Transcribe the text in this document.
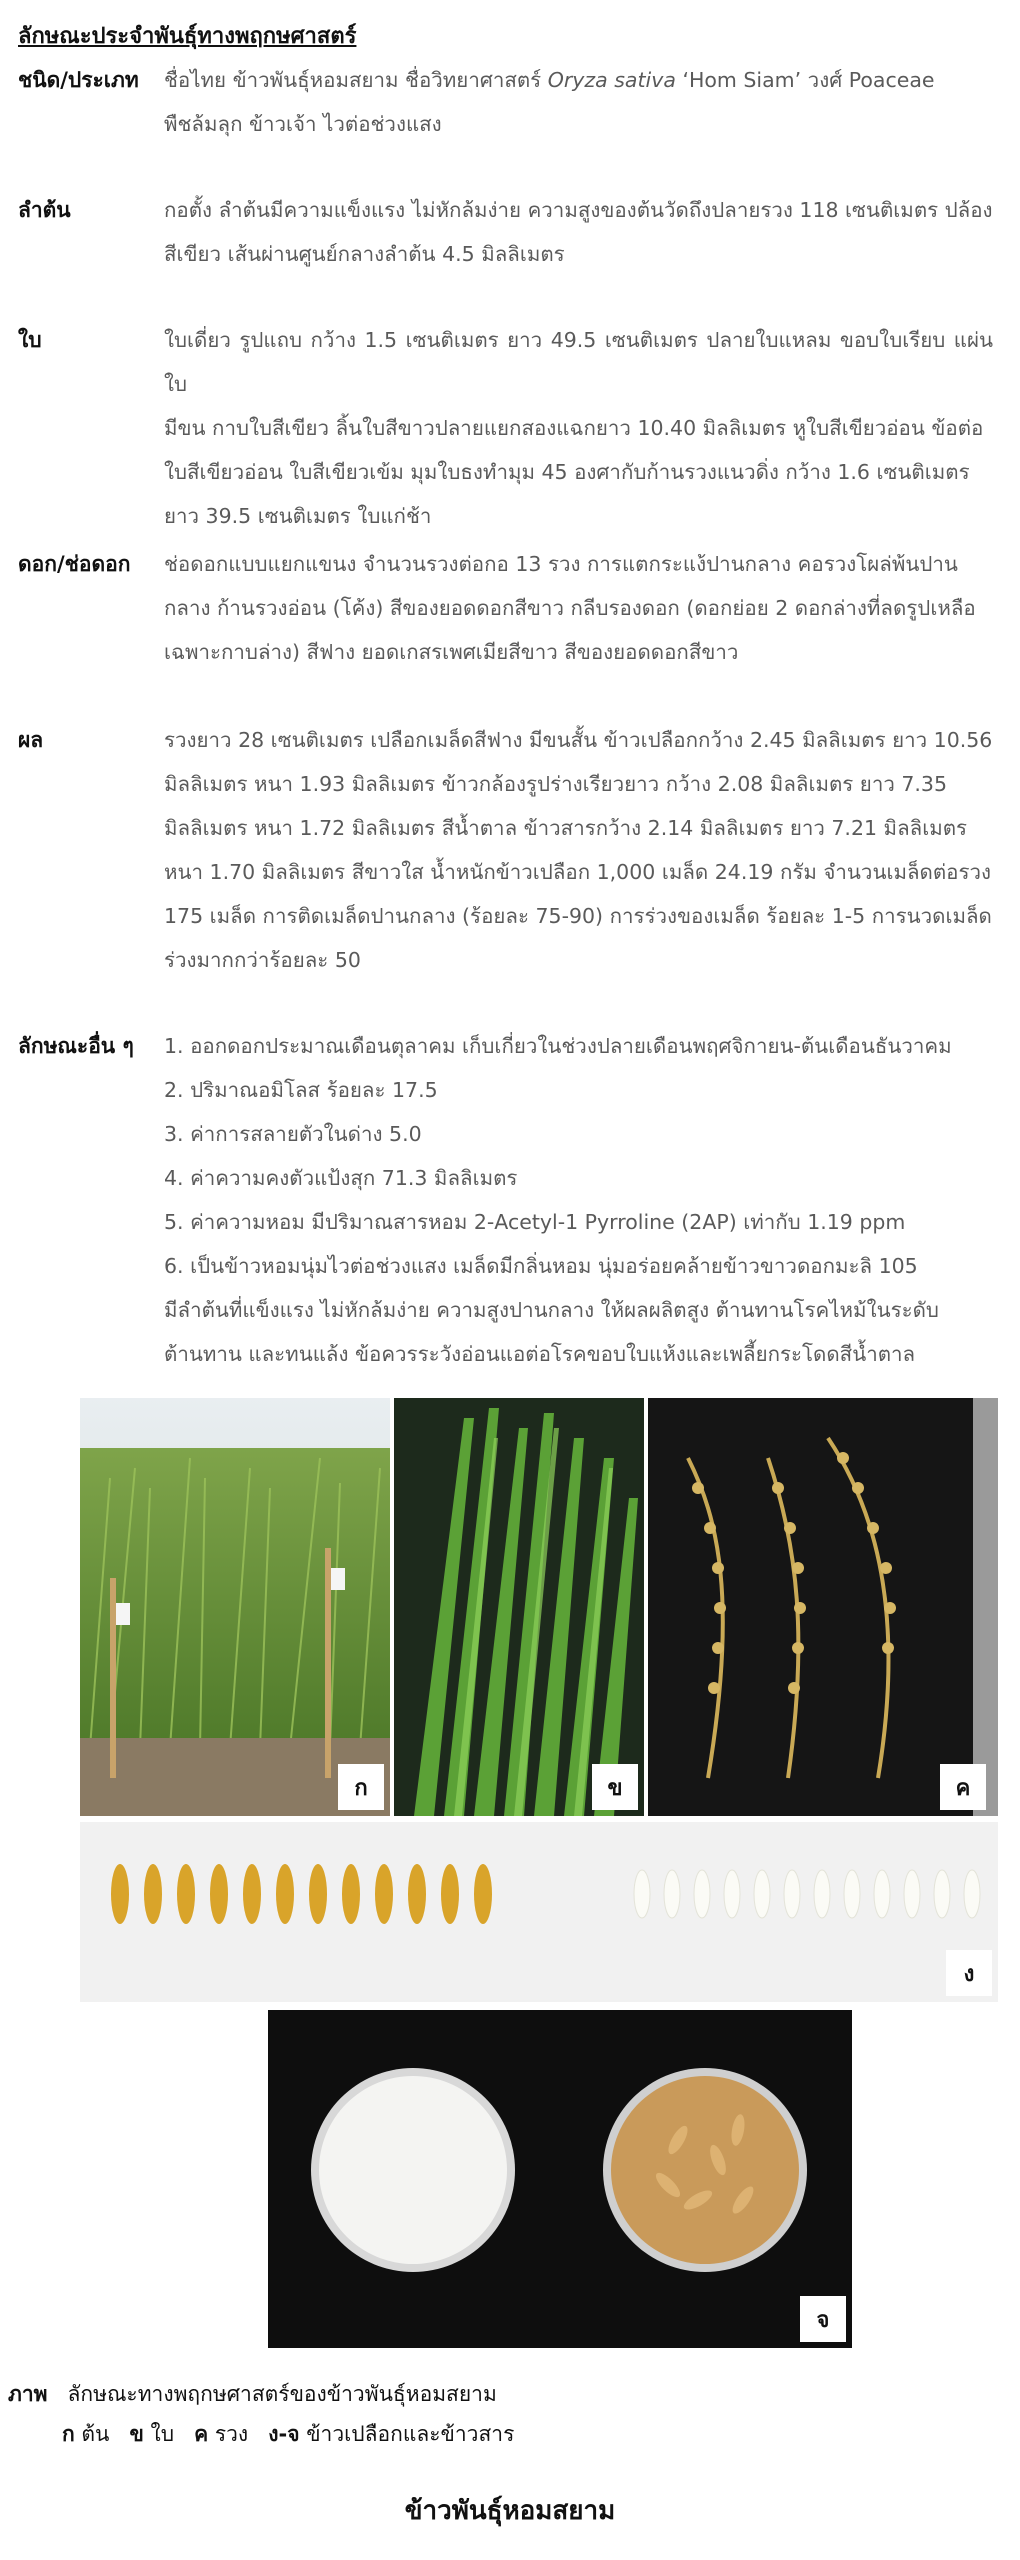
ลักษณะประจำพันธุ์ทางพฤกษศาสตร์
ชนิด/ประเภท	ชื่อไทย ข้าวพันธุ์หอมสยาม ชื่อวิทยาศาสตร์ Oryza sativa ‘Hom Siam’ วงศ์ Poaceae
พืชล้มลุก ข้าวเจ้า ไวต่อช่วงแสง
ลำต้น	กอตั้ง ลำต้นมีความแข็งแรง ไม่หักล้มง่าย ความสูงของต้นวัดถึงปลายรวง 118 เซนติเมตร ปล้อง
สีเขียว เส้นผ่านศูนย์กลางลำต้น 4.5 มิลลิเมตร
ใบ	ใบเดี่ยว รูปแถบ กว้าง 1.5 เซนติเมตร ยาว 49.5 เซนติเมตร ปลายใบแหลม ขอบใบเรียบ แผ่นใบ
มีขน กาบใบสีเขียว ลิ้นใบสีขาวปลายแยกสองแฉกยาว 10.40 มิลลิเมตร หูใบสีเขียวอ่อน ข้อต่อ
ใบสีเขียวอ่อน ใบสีเขียวเข้ม มุมใบธงทำมุม 45 องศากับก้านรวงแนวดิ่ง กว้าง 1.6 เซนติเมตร
ยาว 39.5 เซนติเมตร ใบแก่ช้า
ดอก/ช่อดอก	ช่อดอกแบบแยกแขนง จำนวนรวงต่อกอ 13 รวง การแตกระแง้ปานกลาง คอรวงโผล่พ้นปาน
กลาง ก้านรวงอ่อน (โค้ง) สีของยอดดอกสีขาว กลีบรองดอก (ดอกย่อย 2 ดอกล่างที่ลดรูปเหลือ
เฉพาะกาบล่าง) สีฟาง ยอดเกสรเพศเมียสีขาว สีของยอดดอกสีขาว
ผล	รวงยาว 28 เซนติเมตร เปลือกเมล็ดสีฟาง มีขนสั้น ข้าวเปลือกกว้าง 2.45 มิลลิเมตร ยาว 10.56
มิลลิเมตร หนา 1.93 มิลลิเมตร ข้าวกล้องรูปร่างเรียวยาว กว้าง 2.08 มิลลิเมตร ยาว 7.35
มิลลิเมตร หนา 1.72 มิลลิเมตร สีน้ำตาล ข้าวสารกว้าง 2.14 มิลลิเมตร ยาว 7.21 มิลลิเมตร
หนา 1.70 มิลลิเมตร สีขาวใส น้ำหนักข้าวเปลือก 1,000 เมล็ด 24.19 กรัม จำนวนเมล็ดต่อรวง
175 เมล็ด การติดเมล็ดปานกลาง (ร้อยละ 75-90) การร่วงของเมล็ด ร้อยละ 1-5 การนวดเมล็ด
ร่วงมากกว่าร้อยละ 50
ลักษณะอื่น ๆ	1. ออกดอกประมาณเดือนตุลาคม เก็บเกี่ยวในช่วงปลายเดือนพฤศจิกายน-ต้นเดือนธันวาคม
2. ปริมาณอมิโลส ร้อยละ 17.5
3. ค่าการสลายตัวในด่าง 5.0
4. ค่าความคงตัวแป้งสุก 71.3 มิลลิเมตร
5. ค่าความหอม มีปริมาณสารหอม 2-Acetyl-1 Pyrroline (2AP) เท่ากับ 1.19 ppm
6. เป็นข้าวหอมนุ่มไวต่อช่วงแสง เมล็ดมีกลิ่นหอม นุ่มอร่อยคล้ายข้าวขาวดอกมะลิ 105
มีลำต้นที่แข็งแรง ไม่หักล้มง่าย ความสูงปานกลาง ให้ผลผลิตสูง ต้านทานโรคไหม้ในระดับ
ต้านทาน และทนแล้ง ข้อควรระวังอ่อนแอต่อโรคขอบใบแห้งและเพลี้ยกระโดดสีน้ำตาล
ก	ข	ค
ง
จ
ภาพ ลักษณะทางพฤกษศาสตร์ของข้าวพันธุ์หอมสยาม
ก ต้น ข ใบ ค รวง ง-จ ข้าวเปลือกและข้าวสาร
ข้าวพันธุ์หอมสยาม
